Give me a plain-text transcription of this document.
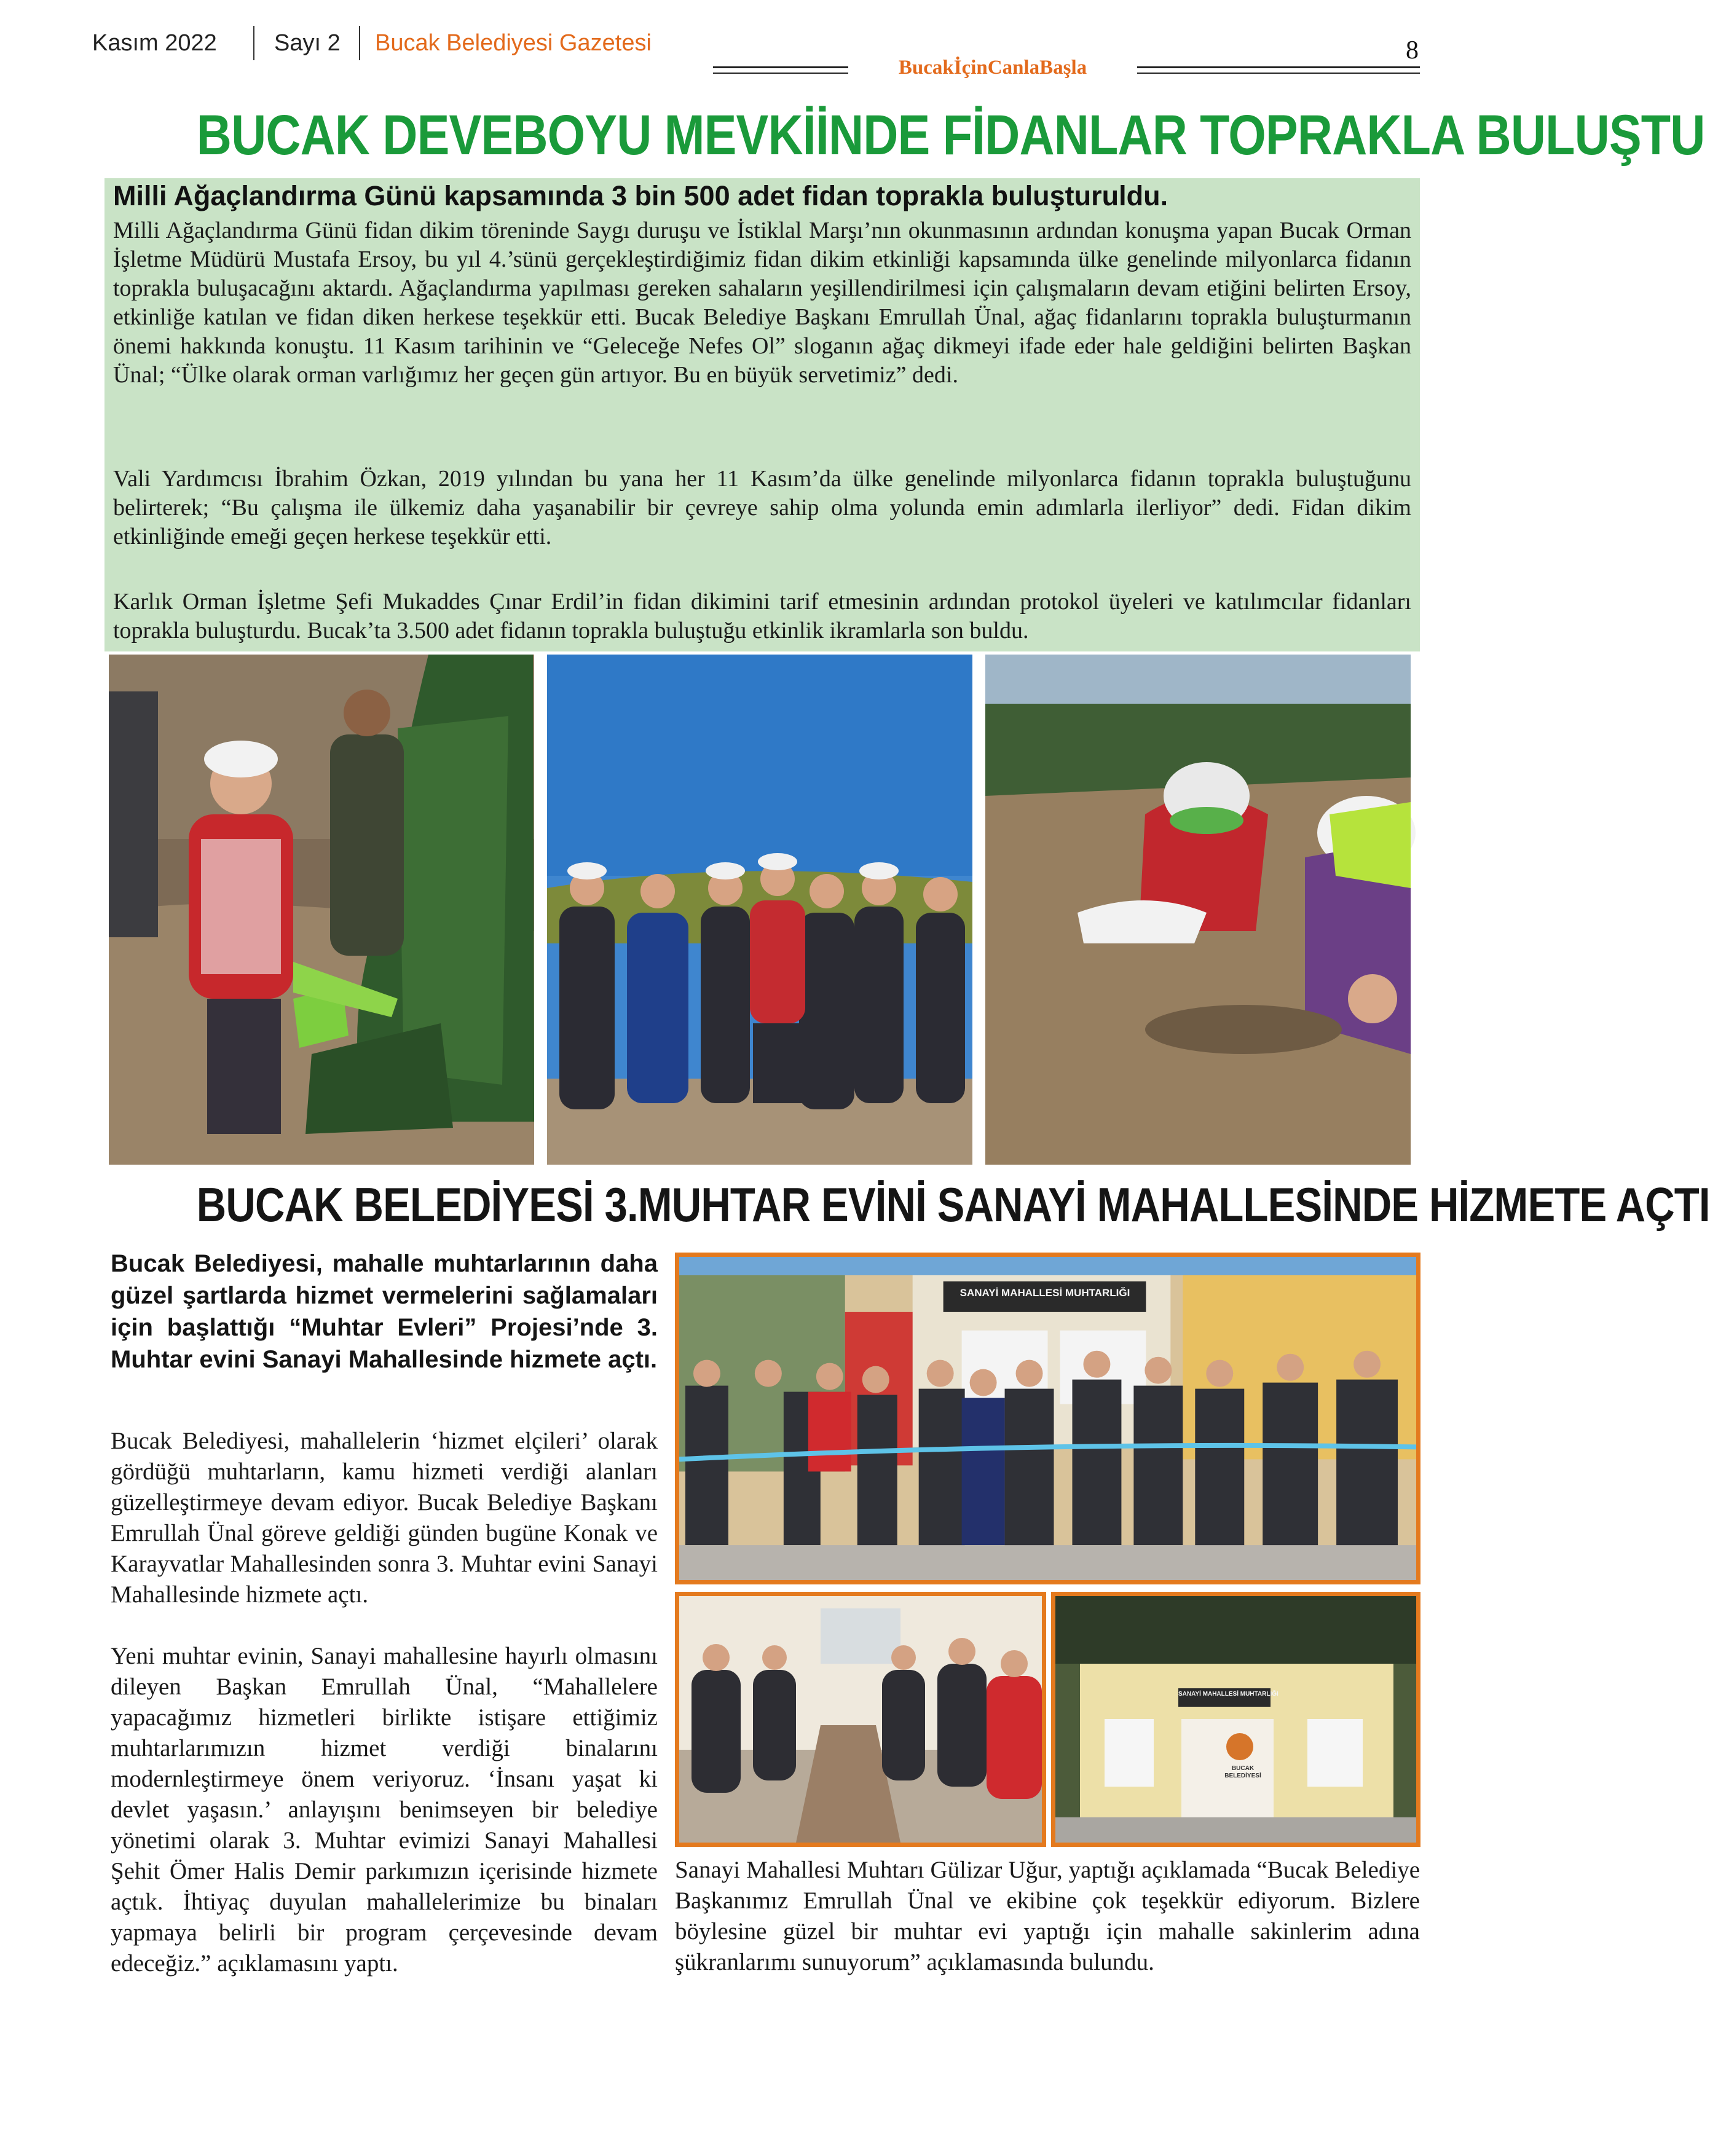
Kasım 2022 Sayı 2 Bucak Belediyesi Gazetesi	8
BucakİçinCanlaBaşla
BUCAK DEVEBOYU MEVKİİNDE FİDANLAR TOPRAKLA BULUŞTU
Milli Ağaçlandırma Günü kapsamında 3 bin 500 adet fidan toprakla buluşturuldu.
Milli Ağaçlandırma Günü fidan dikim töreninde Saygı duruşu ve İstiklal Marşı’nın okunmasının ardından konuşma yapan Bucak Orman İşletme Müdürü Mustafa Ersoy, bu yıl 4.’sünü gerçekleştirdiğimiz fidan dikim etkinliği kapsamında ülke genelinde milyonlarca fidanın toprakla buluşacağını aktardı. Ağaçlandırma yapılması gereken sahaların yeşillendirilmesi için çalışmaların devam etiğini belirten Ersoy, etkinliğe katılan ve fidan diken herkese teşekkür etti. Bucak Belediye Başkanı Emrullah Ünal, ağaç fidanlarını toprakla buluşturmanın önemi hakkında konuştu. 11 Kasım tarihinin ve “Geleceğe Nefes Ol” sloganın ağaç dikmeyi ifade eder hale geldiğini belirten Başkan Ünal; “Ülke olarak orman varlığımız her geçen gün artıyor. Bu en büyük servetimiz” dedi.
Vali Yardımcısı İbrahim Özkan, 2019 yılından bu yana her 11 Kasım’da ülke genelinde milyonlarca fidanın toprakla buluştuğunu belirterek; “Bu çalışma ile ülkemiz daha yaşanabilir bir çevreye sahip olma yolunda emin adımlarla ilerliyor” dedi. Fidan dikim etkinliğinde emeği geçen herkese teşekkür etti.
Karlık Orman İşletme Şefi Mukaddes Çınar Erdil’in fidan dikimini tarif etmesinin ardından protokol üyeleri ve katılımcılar fidanları toprakla buluşturdu. Bucak’ta 3.500 adet fidanın toprakla buluştuğu etkinlik ikramlarla son buldu.
BUCAK BELEDİYESİ 3.MUHTAR EVİNİ SANAYİ MAHALLESİNDE HİZMETE AÇTI
Bucak Belediyesi, mahalle muhtarlarının daha güzel şartlarda hizmet vermelerini sağlamaları için başlattığı “Muhtar Evleri” Projesi’nde 3. Muhtar evini Sanayi Mahallesinde hizmete açtı.
Bucak Belediyesi, mahallelerin ‘hizmet elçileri’ olarak gördüğü muhtarların, kamu hizmeti verdiği alanları güzelleştirmeye devam ediyor. Bucak Belediye Başkanı Emrullah Ünal göreve geldiği günden bugüne Konak ve Karayvatlar Mahallesinden sonra 3. Muhtar evini Sanayi Mahallesinde hizmete açtı.
Yeni muhtar evinin, Sanayi mahallesine hayırlı olmasını dileyen Başkan Emrullah Ünal, “Mahallelere yapacağımız hizmetleri birlikte istişare ettiğimiz muhtarlarımızın hizmet verdiği binalarını modernleştirmeye önem veriyoruz. ‘İnsanı yaşat ki devlet yaşasın.’ anlayışını benimseyen bir belediye yönetimi olarak 3. Muhtar evimizi Sanayi Mahallesi Şehit Ömer Halis Demir parkımızın içerisinde hizmete açtık. İhtiyaç duyulan mahallelerimize bu binaları yapmaya belirli bir program çerçevesinde devam edeceğiz.” açıklamasını yaptı.
Sanayi Mahallesi Muhtarı Gülizar Uğur, yaptığı açıklamada “Bucak Belediye Başkanımız Emrullah Ünal ve ekibine çok teşekkür ediyorum. Bizlere böylesine güzel bir muhtar evi yaptığı için mahalle sakinlerim adına şükranlarımı sunuyorum” açıklamasında bulundu.
SANAYİ MAHALLESİ MUHTARLIĞI
SANAYİ MAHALLESİ MUHTARLIĞI
BUCAK BELEDİYESİ
